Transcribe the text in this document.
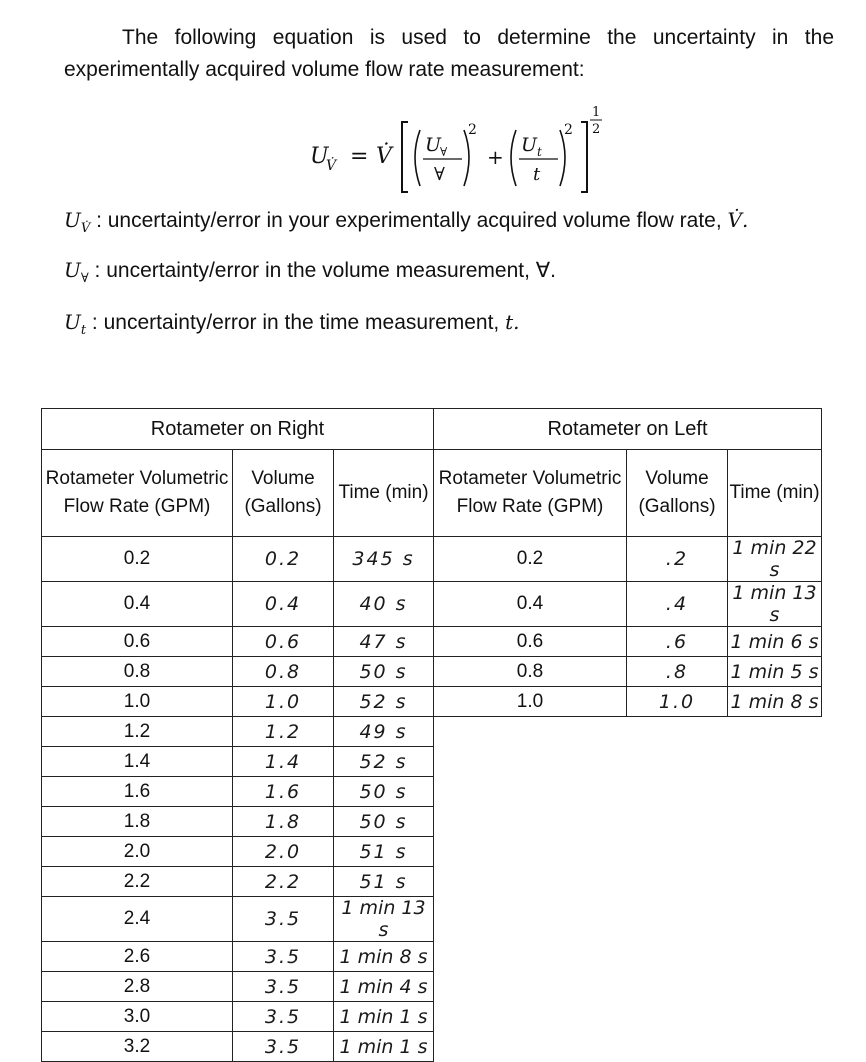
The following equation is used to determine the uncertainty in the experimentally acquired volume flow rate measurement:
U
V̇ = V̇ U
∀
∀
2
+ U t
t
2
1
2
$U_{V̇}$ : uncertainty/error in your experimentally acquired volume flow rate, V̇.
$U_\forall$ : uncertainty/error in the volume measurement, ∀.
$U_t$ : uncertainty/error in the time measurement, t.
Rotameter on Right			Rotameter on Left		
Rotameter Volumetric Flow Rate (GPM)	Volume (Gallons)	Time (min)	Rotameter Volumetric Flow Rate (GPM)	Volume (Gallons)	Time (min)
0.2	0.2	345 s	0.2	.2	1 min 22 s
0.4	0.4	40 s	0.4	.4	1 min 13 s
0.6	0.6	47 s	0.6	.6	1 min 6 s
0.8	0.8	50 s	0.8	.8	1 min 5 s
1.0	1.0	52 s	1.0	1.0	1 min 8 s
1.2	1.2	49 s			
1.4	1.4	52 s			
1.6	1.6	50 s			
1.8	1.8	50 s			
2.0	2.0	51 s			
2.2	2.2	51 s			
2.4	3.5	1 min 13 s			
2.6	3.5	1 min 8 s			
2.8	3.5	1 min 4 s			
3.0	3.5	1 min 1 s			
3.2	3.5	1 min 1 s			
